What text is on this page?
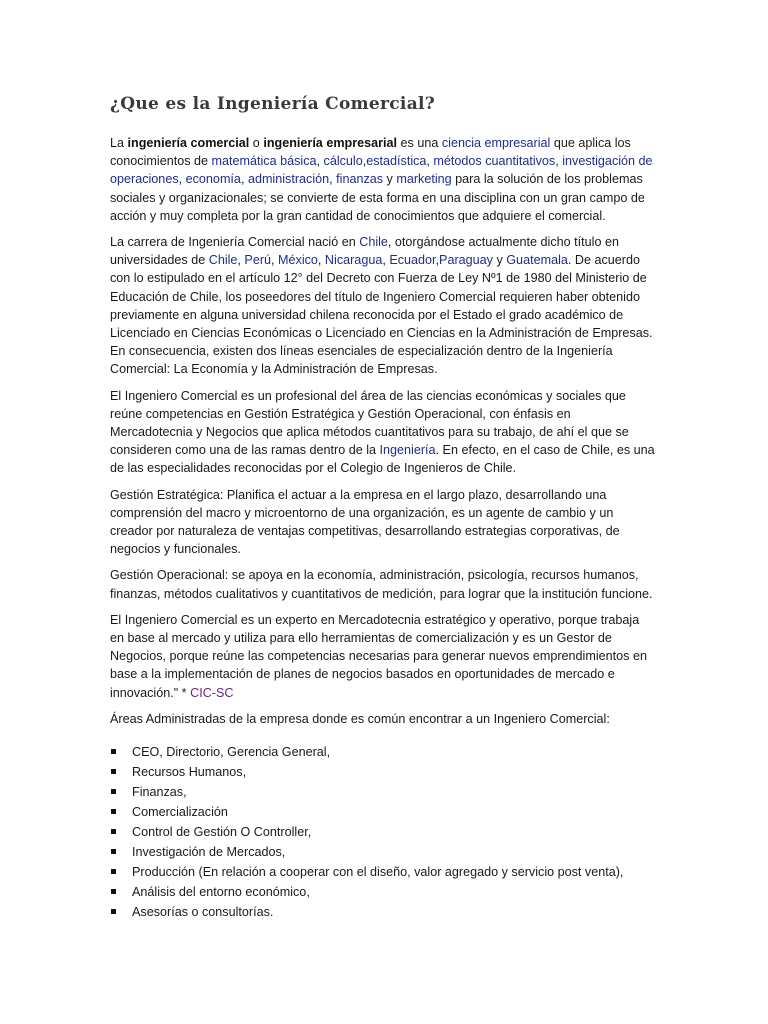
¿Que es la Ingeniería Comercial?

La ingeniería comercial o ingeniería empresarial es una ciencia empresarial que aplica los conocimientos de matemática básica, cálculo,estadística, métodos cuantitativos, investigación de operaciones, economía, administración, finanzas y marketing para la solución de los problemas sociales y organizacionales; se convierte de esta forma en una disciplina con un gran campo de acción y muy completa por la gran cantidad de conocimientos que adquiere el comercial.

La carrera de Ingeniería Comercial nació en Chile, otorgándose actualmente dicho título en universidades de Chile, Perú, México, Nicaragua, Ecuador,Paraguay y Guatemala. De acuerdo con lo estipulado en el artículo 12° del Decreto con Fuerza de Ley Nº1 de 1980 del Ministerio de Educación de Chile, los poseedores del título de Ingeniero Comercial requieren haber obtenido previamente en alguna universidad chilena reconocida por el Estado el grado académico de Licenciado en Ciencias Económicas o Licenciado en Ciencias en la Administración de Empresas. En consecuencia, existen dos líneas esenciales de especialización dentro de la Ingeniería Comercial: La Economía y la Administración de Empresas.

El Ingeniero Comercial es un profesional del área de las ciencias económicas y sociales que reúne competencias en Gestión Estratégica y Gestión Operacional, con énfasis en Mercadotecnia y Negocios que aplica métodos cuantitativos para su trabajo, de ahí el que se consideren como una de las ramas dentro de la Ingeniería. En efecto, en el caso de Chile, es una de las especialidades reconocidas por el Colegio de Ingenieros de Chile.

Gestión Estratégica: Planifica el actuar a la empresa en el largo plazo, desarrollando una comprensión del macro y microentorno de una organización, es un agente de cambio y un creador por naturaleza de ventajas competitivas, desarrollando estrategias corporativas, de negocios y funcionales.

Gestión Operacional: se apoya en la economía, administración, psicología, recursos humanos, finanzas, métodos cualitativos y cuantitativos de medición, para lograr que la institución funcione.

El Ingeniero Comercial es un experto en Mercadotecnia estratégico y operativo, porque trabaja en base al mercado y utiliza para ello herramientas de comercialización y es un Gestor de Negocios, porque reúne las competencias necesarias para generar nuevos emprendimientos en base a la implementación de planes de negocios basados en oportunidades de mercado e innovación." * CIC-SC

Áreas Administradas de la empresa donde es común encontrar a un Ingeniero Comercial:

CEO, Directorio, Gerencia General,
Recursos Humanos,
Finanzas,
Comercialización
Control de Gestión O Controller,
Investigación de Mercados,
Producción (En relación a cooperar con el diseño, valor agregado y servicio post venta),
Análisis del entorno económico,
Asesorías o consultorías.
